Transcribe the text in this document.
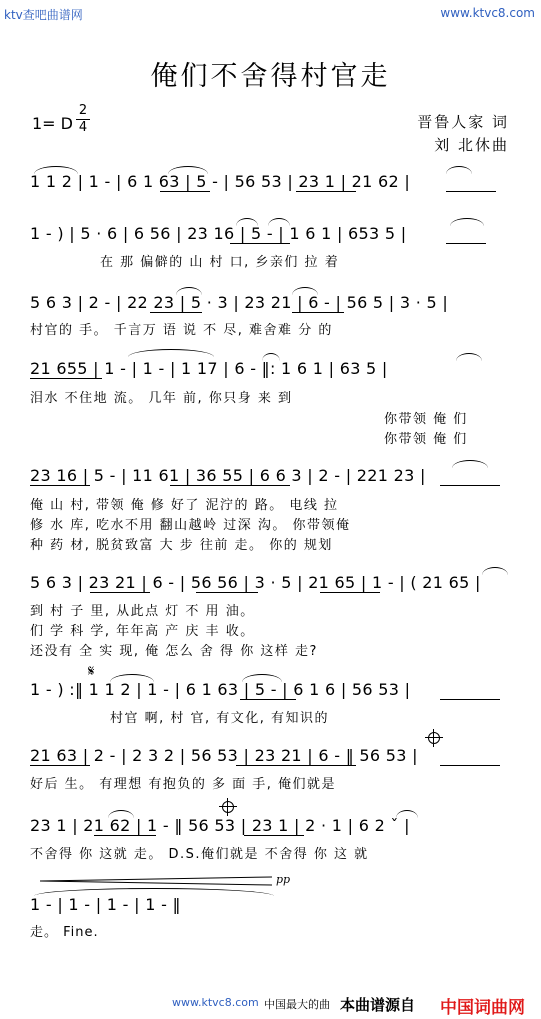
ktv查吧曲谱网	www.ktvc8.com
俺们不舍得村官走
1= D
2
4	晋鲁人家 词
刘 北休曲
1 1 2 | 1 - | 6 1 63 | 5 - | 56 53 | 23 1 | 21 62 |
1 - ) | 5 · 6 | 6 56 | 23 16 | 5 - | 1 6 1 | 653 5 |
在 那 偏僻的 山 村 口, 乡亲们 拉 着
5 6 3 | 2 - | 22 23 | 5 · 3 | 23 21 | 6 - | 56 5 | 3 · 5 |
村官的 手。 千言万 语 说 不 尽, 难舍难 分 的
21 655 | 1 - | 1 - | 1 17 | 6 - ‖: 1 6 1 | 63 5 |
泪水 不住地 流。 几年 前, 你只身 来 到
你带领 俺 们
你带领 俺 们
23 16 | 5 - | 11 61 | 36 55 | 6 6 3 | 2 - | 221 23 |
俺 山 村, 带领 俺 修 好了 泥泞的 路。 电线 拉
修 水 库, 吃水不用 翻山越岭 过深 沟。 你带领俺
种 药 材, 脱贫致富 大 步 往前 走。 你的 规划
5 6 3 | 23 21 | 6 - | 56 56 | 3 · 5 | 21 65 | 1 - | ( 21 65 |
到 村 子 里, 从此点 灯 不 用 油。
们 学 科 学, 年年高 产 庆 丰 收。
还没有 全 实 现, 俺 怎么 舍 得 你 这样 走?
𝄋
1 - ) :‖ 1 1 2 | 1 - | 6 1 63 | 5 - | 6 1 6 | 56 53 |
村官 啊, 村 官, 有文化, 有知识的
21 63 | 2 - | 2 3 2 | 56 53 | 23 21 | 6 - ‖ 56 53 |
好后 生。 有理想 有抱负的 多 面 手, 俺们就是
23 1 | 21 62 | 1 - ‖ 56 53 | 23 1 | 2 · 1 | 6 2 ˇ |
不舍得 你 这就 走。 D.S.俺们就是 不舍得 你 这 就
pp
1 - | 1 - | 1 - | 1 - ‖
走。 Fine.
www.ktvc8.com 中国最大的曲 本曲谱源自 中国词曲网
